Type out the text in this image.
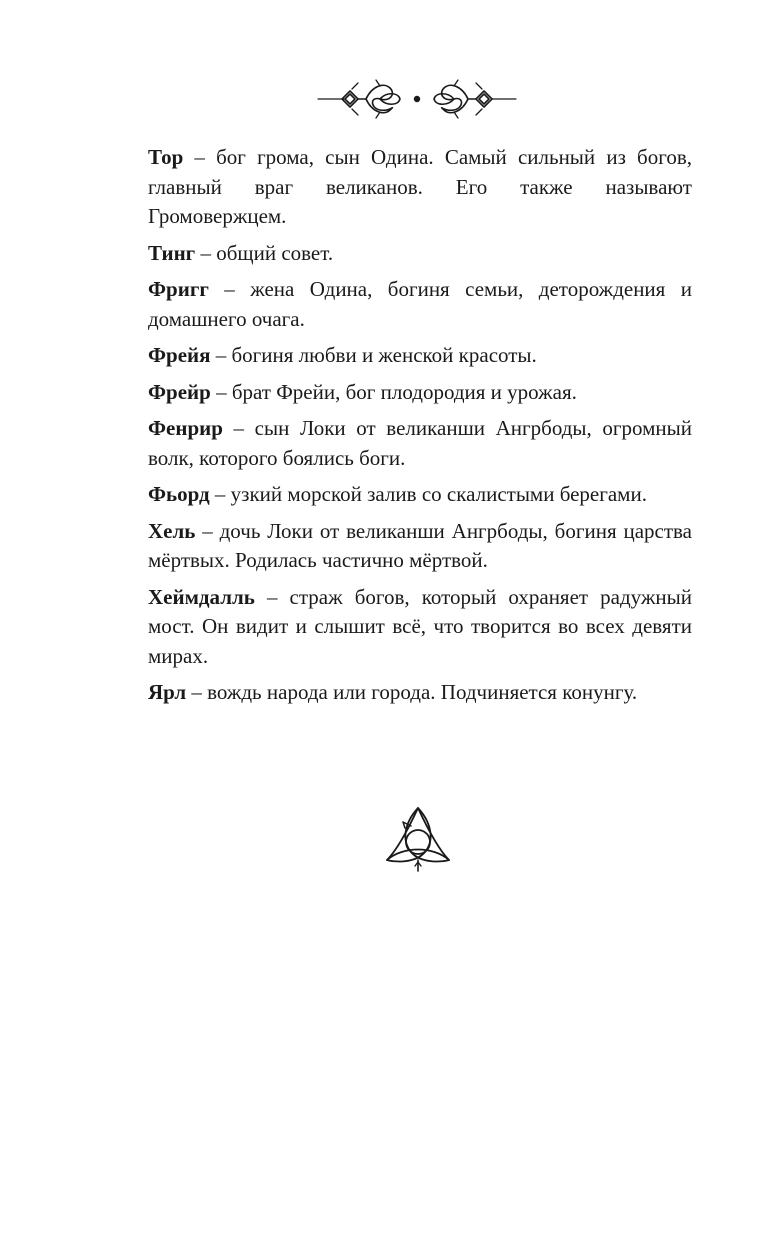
Тор – бог грома, сын Одина. Самый сильный из богов, главный враг великанов. Его также называют Громовержцем.
Тинг – общий совет.
Фригг – жена Одина, богиня семьи, деторождения и домашнего очага.
Фрейя – богиня любви и женской красоты.
Фрейр – брат Фрейи, бог плодородия и урожая.
Фенрир – сын Локи от великанши Ангрбоды, огромный волк, которого боялись боги.
Фьорд – узкий морской залив со скалистыми берегами.
Хель – дочь Локи от великанши Ангрбоды, богиня царства мёртвых. Родилась частично мёртвой.
Хеймдалль – страж богов, который охраняет радужный мост. Он видит и слышит всё, что творится во всех девяти мирах.
Ярл – вождь народа или города. Подчиняется конунгу.
